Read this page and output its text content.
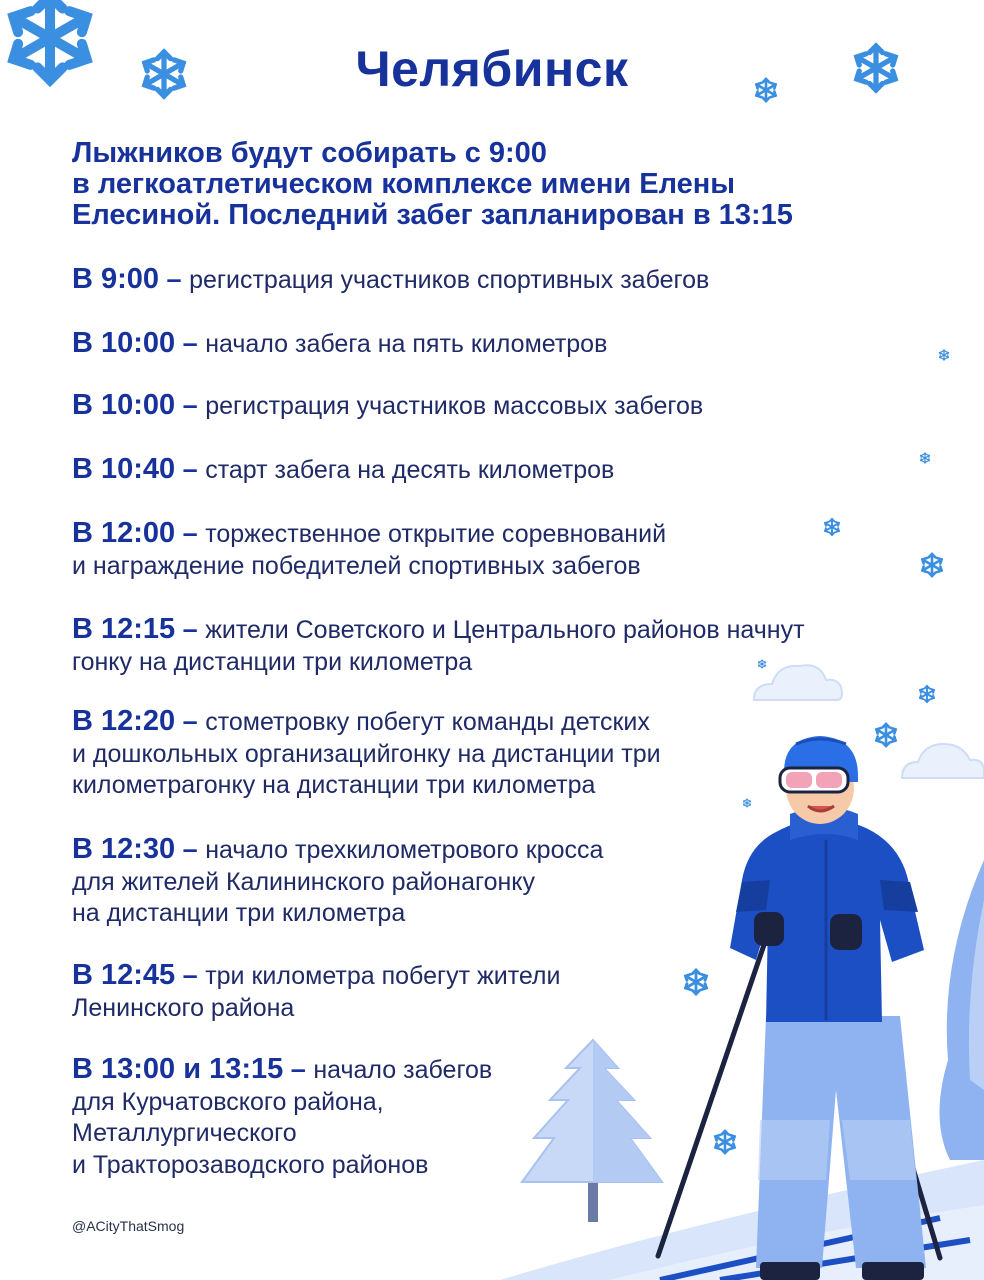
Челябинск
Лыжников будут собирать с 9:00
в легкоатлетическом комплексе имени Елены
Елесиной. Последний забег запланирован в 13:15
В 9:00 – регистрация участников спортивных забегов
В 10:00 – начало забега на пять километров
В 10:00 – регистрация участников массовых забегов
В 10:40 – старт забега на десять километров
В 12:00 – торжественное открытие соревнований
и награждение победителей спортивных забегов
В 12:15 – жители Советского и Центрального районов начнут
гонку на дистанции три километра
В 12:20 – стометровку побегут команды детских
и дошкольных организацийгонку на дистанции три
километрагонку на дистанции три километра
В 12:30 – начало трехкилометрового кросса
для жителей Калининского районагонку
на дистанции три километра
В 12:45 – три километра побегут жители
Ленинского района
В 13:00 и 13:15 – начало забегов
для Курчатовского района,
Металлургического
и Тракторозаводского районов
@ACityThatSmog
